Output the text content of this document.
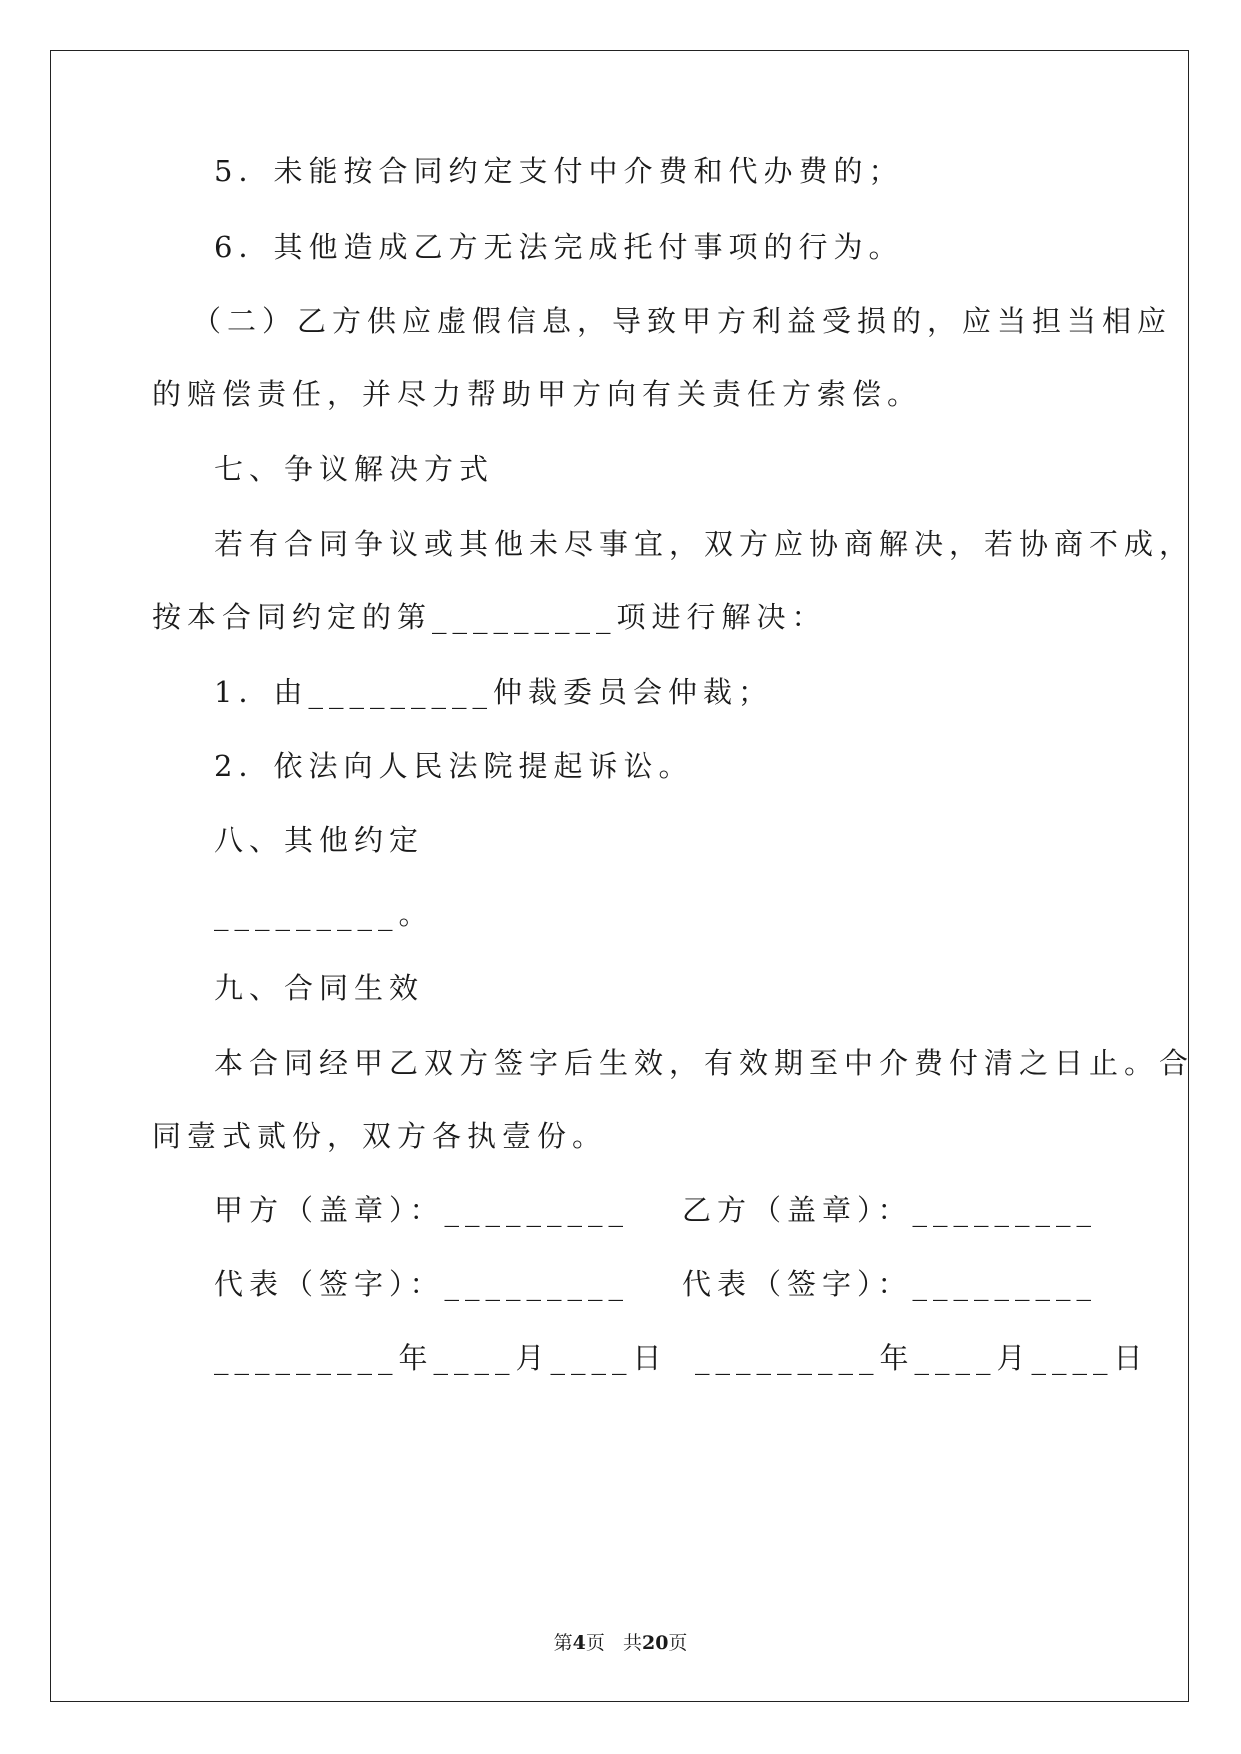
5．未能按合同约定支付中介费和代办费的；

6．其他造成乙方无法完成托付事项的行为。

（二）乙方供应虚假信息，导致甲方利益受损的，应当担当相应

的赔偿责任，并尽力帮助甲方向有关责任方索偿。

七、争议解决方式

若有合同争议或其他未尽事宜，双方应协商解决，若协商不成，

按本合同约定的第_________项进行解决：

1．由_________仲裁委员会仲裁；

2．依法向人民法院提起诉讼。

八、其他约定

_________。

九、合同生效

本合同经甲乙双方签字后生效，有效期至中介费付清之日止。合

同壹式贰份，双方各执壹份。

甲方（盖章）：_________ 乙方（盖章）：_________

代表（签字）：_________ 代表（签字）：_________

_________年____月____日 _________年____月____日

第4页 共20页
